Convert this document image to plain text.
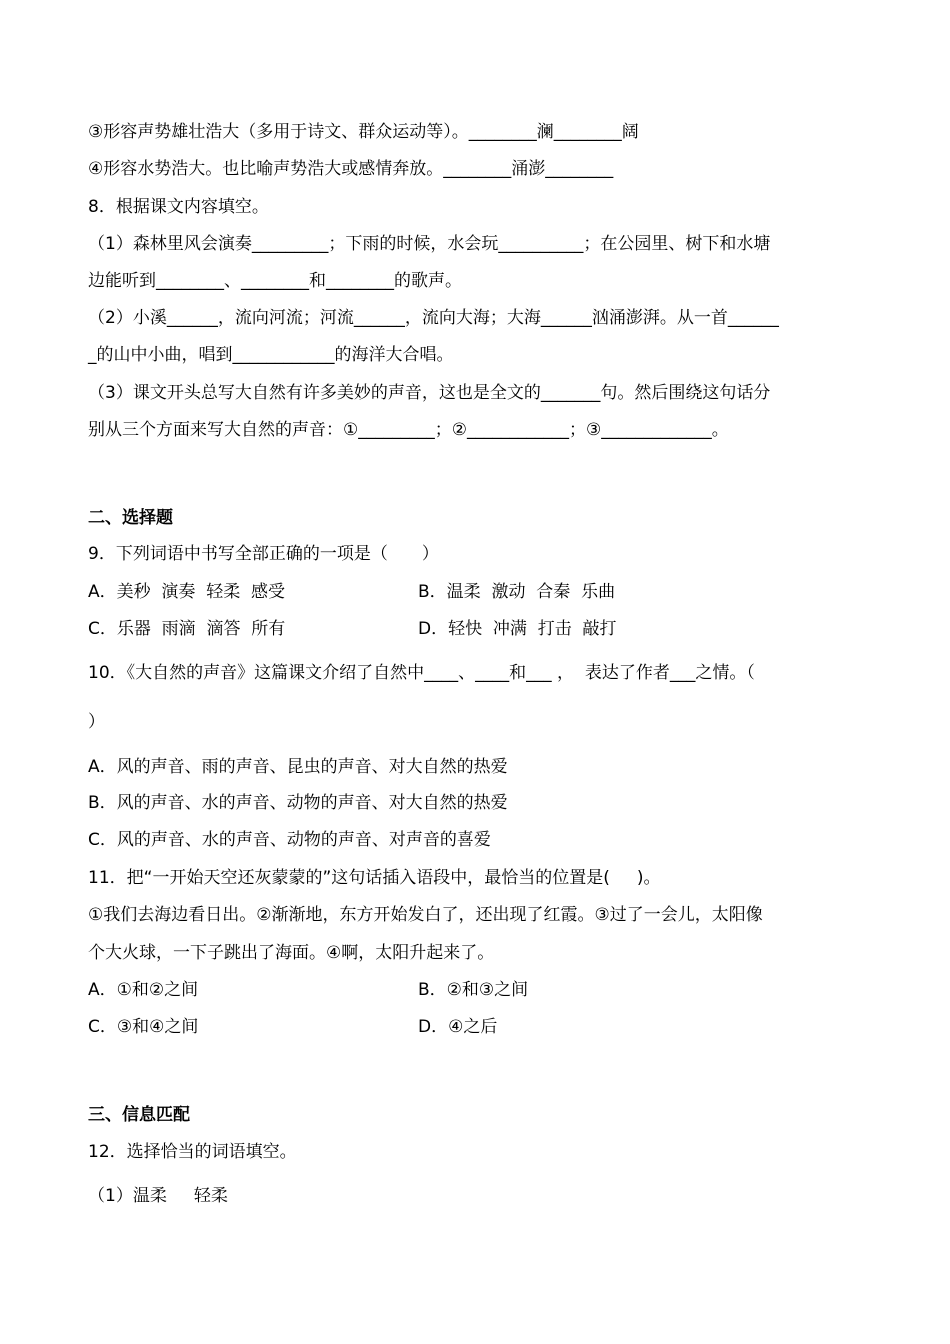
③形容声势雄壮浩大（多用于诗文、群众运动等）。________澜________阔
④形容水势浩大。也比喻声势浩大或感情奔放。________涌澎________
8．根据课文内容填空。
（1）森林里风会演奏_________；下雨的时候，水会玩__________；在公园里、树下和水塘
边能听到________、________和________的歌声。
（2）小溪______，流向河流；河流______，流向大海；大海______汹涌澎湃。从一首______
_的山中小曲，唱到____________的海洋大合唱。
（3）课文开头总写大自然有许多美妙的声音，这也是全文的_______句。然后围绕这句话分
别从三个方面来写大自然的声音：①_________；②____________；③_____________。
二、选择题
9．下列词语中书写全部正确的一项是（　　）
A．美秒  演奏  轻柔  感受	B．温柔  激动  合秦  乐曲
C．乐器  雨滴  滴答  所有	D．轻快  冲满  打击  敲打
10．《大自然的声音》这篇课文介绍了自然中____、____和___ ，  表达了作者___之情。（
）
A．风的声音、雨的声音、昆虫的声音、对大自然的热爱
B．风的声音、水的声音、动物的声音、对大自然的热爱
C．风的声音、水的声音、动物的声音、对声音的喜爱
11．把“一开始天空还灰蒙蒙的”这句话插入语段中，最恰当的位置是(     )。
①我们去海边看日出。②渐渐地，东方开始发白了，还出现了红霞。③过了一会儿，太阳像
个大火球，一下子跳出了海面。④啊，太阳升起来了。
A．①和②之间	B．②和③之间
C．③和④之间	D．④之后
三、信息匹配
12．选择恰当的词语填空。
（1）温柔     轻柔
